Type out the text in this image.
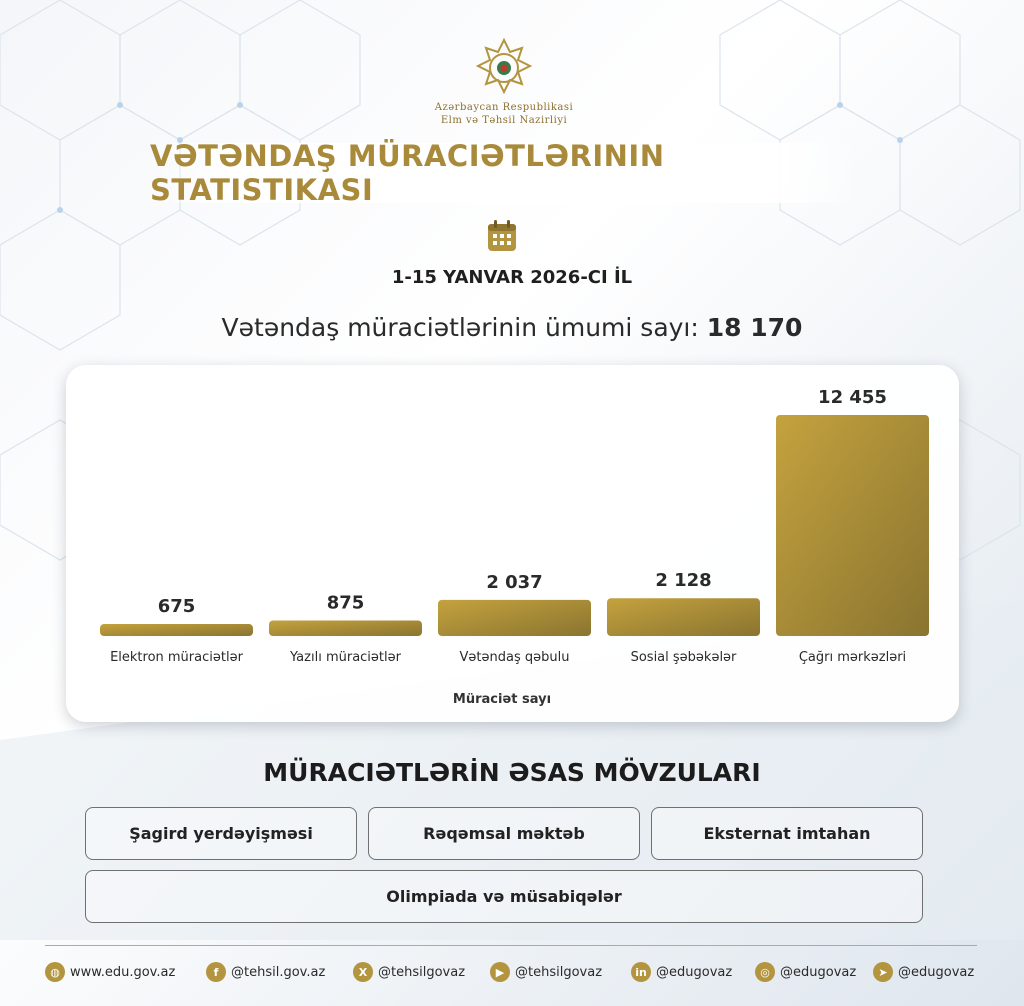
Azərbaycan Respublikasi
Elm və Təhsil Nazirliyi
VƏTƏNDAŞ MÜRACIƏTLƏRININ STATISTIKASI
1-15 YANVAR 2026-CI İL
Vətəndaş müraciətlərinin ümumi sayı: 18 170
675
Elektron müraciətlər
875
Yazılı müraciətlər
2 037
Vətəndaş qəbulu
2 128
Sosial şəbəkələr
12 455
Çağrı mərkəzləri
Müraciət sayı
MÜRACIƏTLƏRİN ƏSAS MÖVZULARI
Şagird yerdəyişməsi	Rəqəmsal məktəb	Eksternat imtahan
Olimpiada və müsabiqələr
◍ www.edu.gov.az	f @tehsil.gov.az	X @tehsilgovaz	▶ @tehsilgovaz	in @edugovaz	◎ @edugovaz	➤ @edugovaz
